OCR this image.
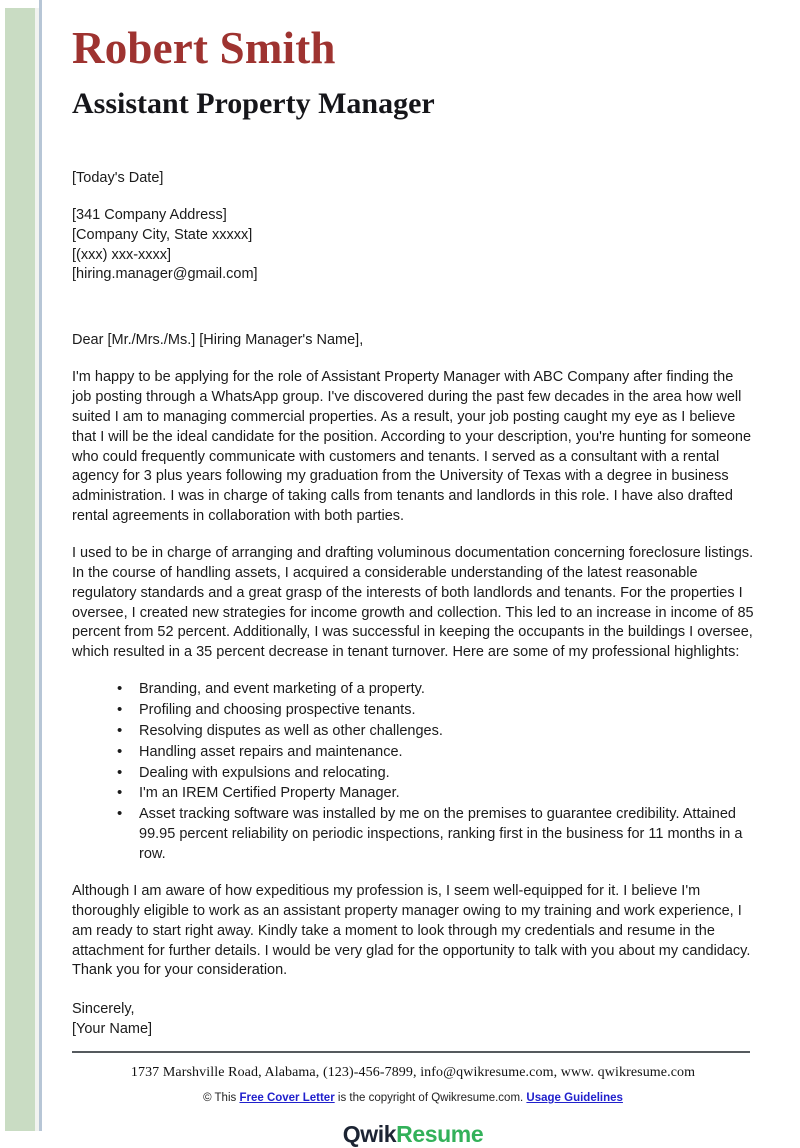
Robert Smith
Assistant Property Manager
[Today's Date]
[341 Company Address]
[Company City, State xxxxx]
[(xxx) xxx-xxxx]
[hiring.manager@gmail.com]
Dear [Mr./Mrs./Ms.] [Hiring Manager's Name],

I'm happy to be applying for the role of Assistant Property Manager with ABC Company after finding the job posting through a WhatsApp group. I've discovered during the past few decades in the area how well suited I am to managing commercial properties. As a result, your job posting caught my eye as I believe that I will be the ideal candidate for the position. According to your description, you're hunting for someone who could frequently communicate with customers and tenants. I served as a consultant with a rental agency for 3 plus years following my graduation from the University of Texas with a degree in business administration. I was in charge of taking calls from tenants and landlords in this role. I have also drafted rental agreements in collaboration with both parties.

I used to be in charge of arranging and drafting voluminous documentation concerning foreclosure listings. In the course of handling assets, I acquired a considerable understanding of the latest reasonable regulatory standards and a great grasp of the interests of both landlords and tenants. For the properties I oversee, I created new strategies for income growth and collection. This led to an increase in income of 85 percent from 52 percent. Additionally, I was successful in keeping the occupants in the buildings I oversee, which resulted in a 35 percent decrease in tenant turnover. Here are some of my professional highlights:

• Branding, and event marketing of a property.
• Profiling and choosing prospective tenants.
• Resolving disputes as well as other challenges.
• Handling asset repairs and maintenance.
• Dealing with expulsions and relocating.
• I'm an IREM Certified Property Manager.
• Asset tracking software was installed by me on the premises to guarantee credibility. Attained 99.95 percent reliability on periodic inspections, ranking first in the business for 11 months in a row.

Although I am aware of how expeditious my profession is, I seem well-equipped for it. I believe I'm thoroughly eligible to work as an assistant property manager owing to my training and work experience, I am ready to start right away. Kindly take a moment to look through my credentials and resume in the attachment for further details. I would be very glad for the opportunity to talk with you about my candidacy. Thank you for your consideration.

Sincerely,
[Your Name]
1737 Marshville Road, Alabama, (123)-456-7899, info@qwikresume.com, www. qwikresume.com
© This Free Cover Letter is the copyright of Qwikresume.com. Usage Guidelines
QwikResume
